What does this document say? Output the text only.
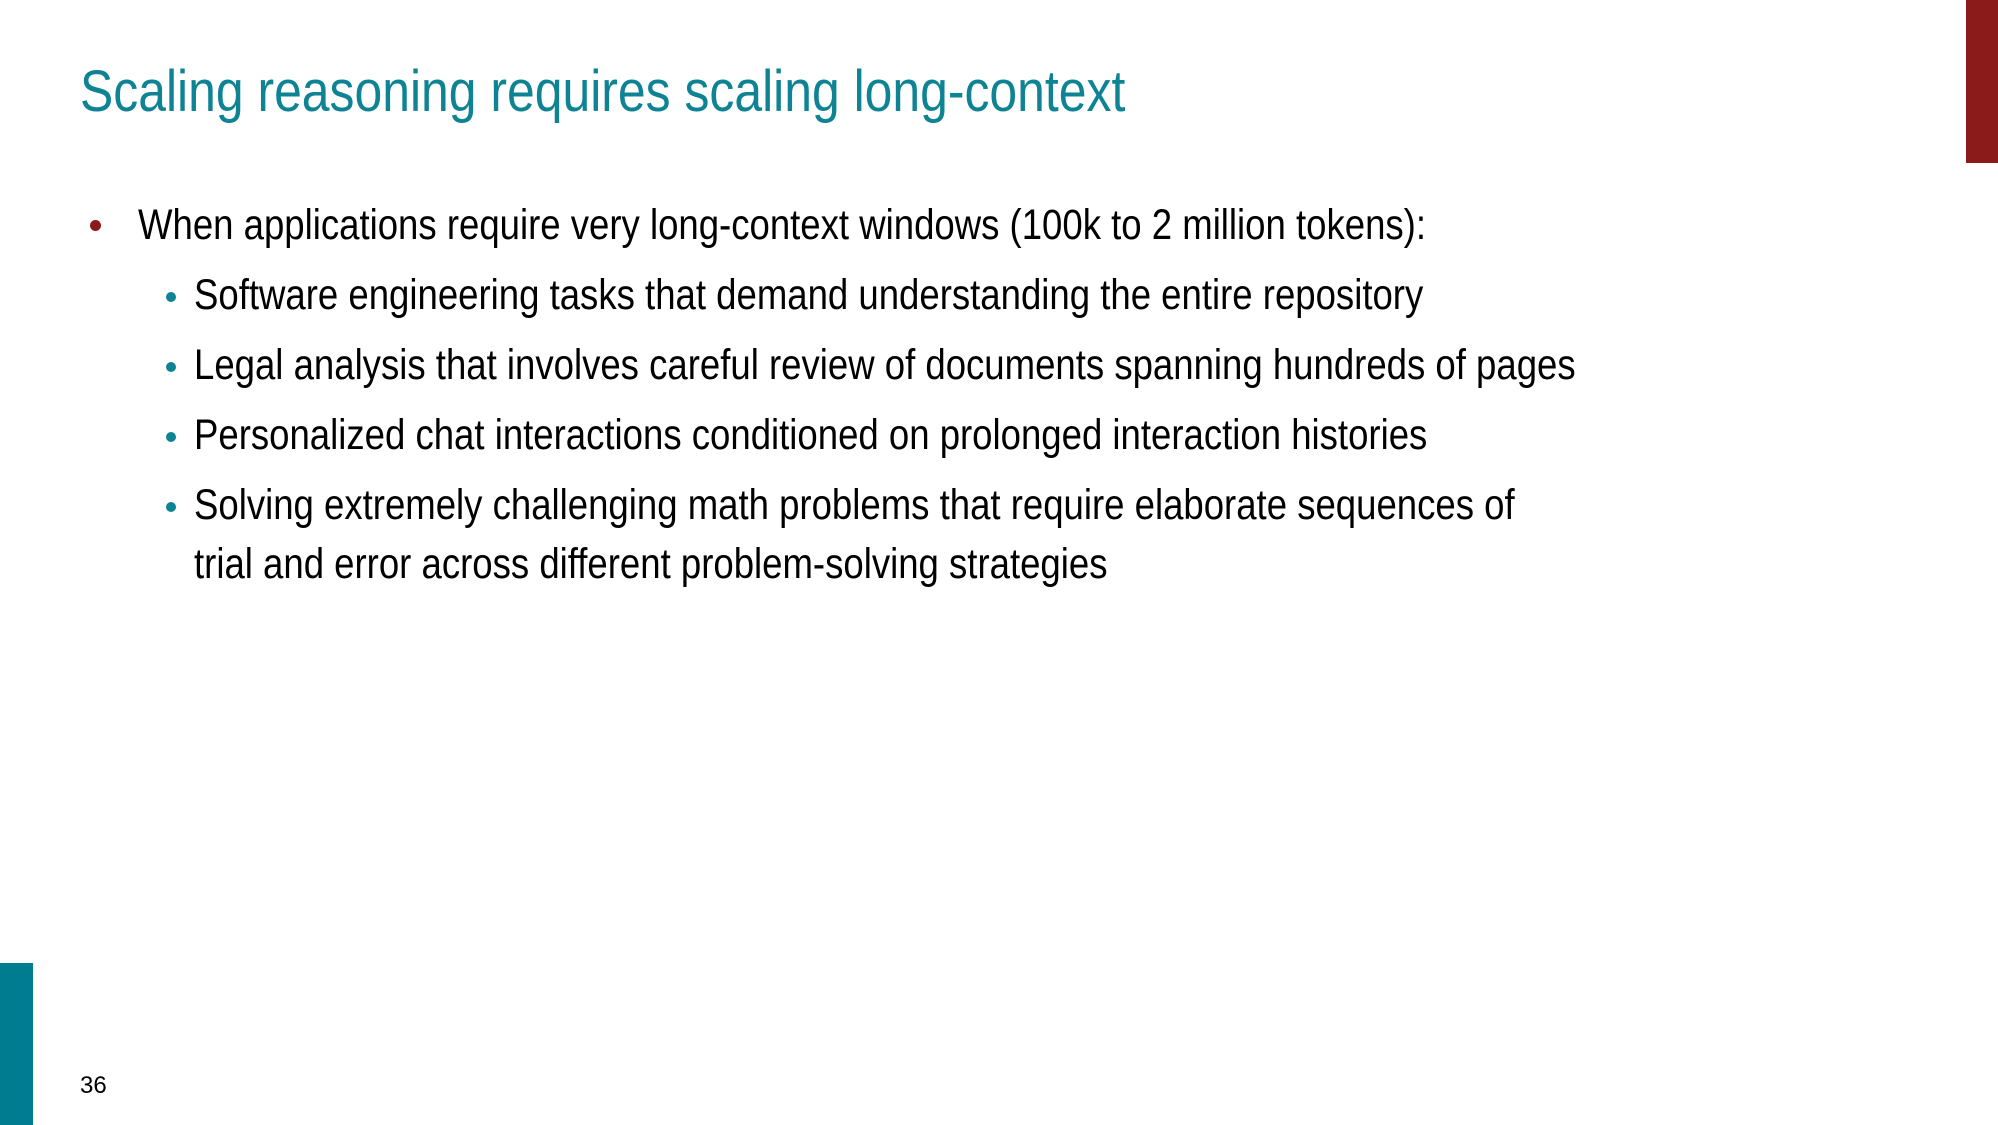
Scaling reasoning requires scaling long-context
When applications require very long-context windows (100k to 2 million tokens):
Software engineering tasks that demand understanding the entire repository
Legal analysis that involves careful review of documents spanning hundreds of pages
Personalized chat interactions conditioned on prolonged interaction histories
Solving extremely challenging math problems that require elaborate sequences of
trial and error across different problem-solving strategies
36
